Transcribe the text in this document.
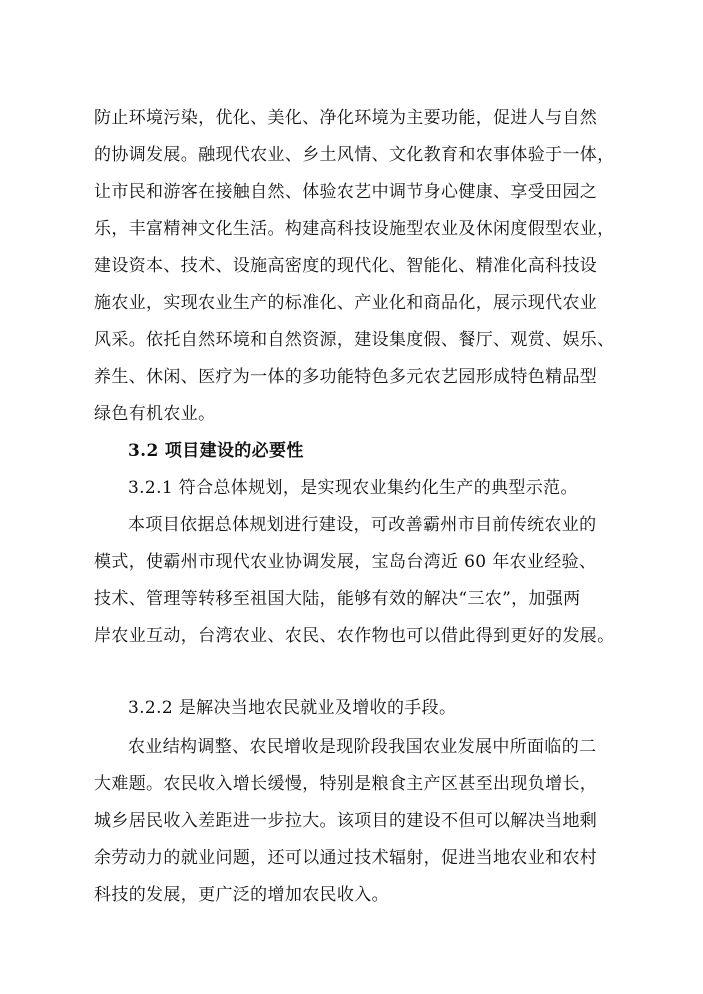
防止环境污染，优化、美化、净化环境为主要功能，促进人与自然
的协调发展。融现代农业、乡土风情、文化教育和农事体验于一体，
让市民和游客在接触自然、体验农艺中调节身心健康、享受田园之
乐，丰富精神文化生活。构建高科技设施型农业及休闲度假型农业，
建设资本、技术、设施高密度的现代化、智能化、精准化高科技设
施农业，实现农业生产的标准化、产业化和商品化，展示现代农业
风采。依托自然环境和自然资源，建设集度假、餐厅、观赏、娱乐、
养生、休闲、医疗为一体的多功能特色多元农艺园形成特色精品型
绿色有机农业。
3.2 项目建设的必要性
3.2.1 符合总体规划，是实现农业集约化生产的典型示范。
本项目依据总体规划进行建设，可改善霸州市目前传统农业的
模式，使霸州市现代农业协调发展，宝岛台湾近 60 年农业经验、
技术、管理等转移至祖国大陆，能够有效的解决“三农”，加强两
岸农业互动，台湾农业、农民、农作物也可以借此得到更好的发展。
3.2.2 是解决当地农民就业及增收的手段。
农业结构调整、农民增收是现阶段我国农业发展中所面临的二
大难题。农民收入增长缓慢，特别是粮食主产区甚至出现负增长，
城乡居民收入差距进一步拉大。该项目的建设不但可以解决当地剩
余劳动力的就业问题，还可以通过技术辐射，促进当地农业和农村
科技的发展，更广泛的增加农民收入。
